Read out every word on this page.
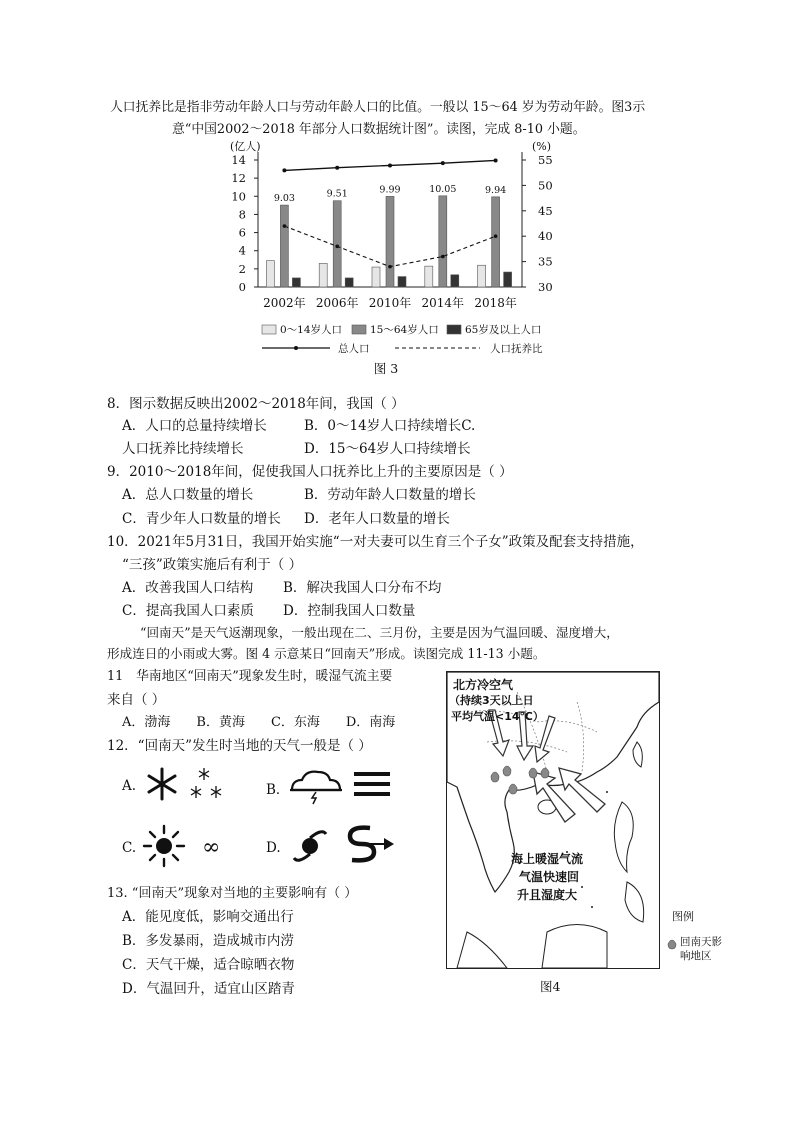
人口抚养比是指非劳动年龄人口与劳动年龄人口的比值。一般以 15～64 岁为劳动年龄。图3示
意“中国2002～2018 年部分人口数据统计图”。读图，完成 8-10 小题。
(亿人)	(%)
0
2
4
6
8
10
12
14
30
35
40
45
50
55
2002年 2006年 2010年 2014年 2018年
9.03	9.51	9.99	10.05	9.94
0～14岁人口	15～64岁人口	65岁及以上人口
总人口	人口抚养比
图 3
8．图示数据反映出2002～2018年间，我国（ ）
A．人口的总量持续增长	B．0～14岁人口持续增长C.
人口抚养比持续增长	D．15～64岁人口持续增长
9．2010～2018年间，促使我国人口抚养比上升的主要原因是（ ）
A．总人口数量的增长	B．劳动年龄人口数量的增长
C．青少年人口数量的增长 D．老年人口数量的增长
10．2021年5月31日，我国开始实施“一对夫妻可以生育三个子女”政策及配套支持措施，
“三孩”政策实施后有利于（ ）
A．改善我国人口结构 B．解决我国人口分布不均
C．提高我国人口素质 D．控制我国人口数量
“回南天”是天气返潮现象，一般出现在二、三月份，主要是因为气温回暖、湿度增大，
形成连日的小雨或大雾。图 4 示意某日“回南天”形成。读图完成 11-13 小题。
11　华南地区“回南天”现象发生时，暖湿气流主要
来自（ ）
A．渤海　　B．黄海　　C．东海　　D．南海
12．“回南天”发生时当地的天气一般是（ ）
A.	B．
C.	D.
∞
13. “回南天”现象对当地的主要影响有（ ）
A．能见度低，影响交通出行
B．多发暴雨，造成城市内涝
C．天气干燥，适合晾晒衣物
D．气温回升，适宜山区踏青
北方冷空气
（持续3天以上日
平均气温<14℃）
海上暖湿气流
气温快速回
升且湿度大
图例
回南天影
响地区
图4
